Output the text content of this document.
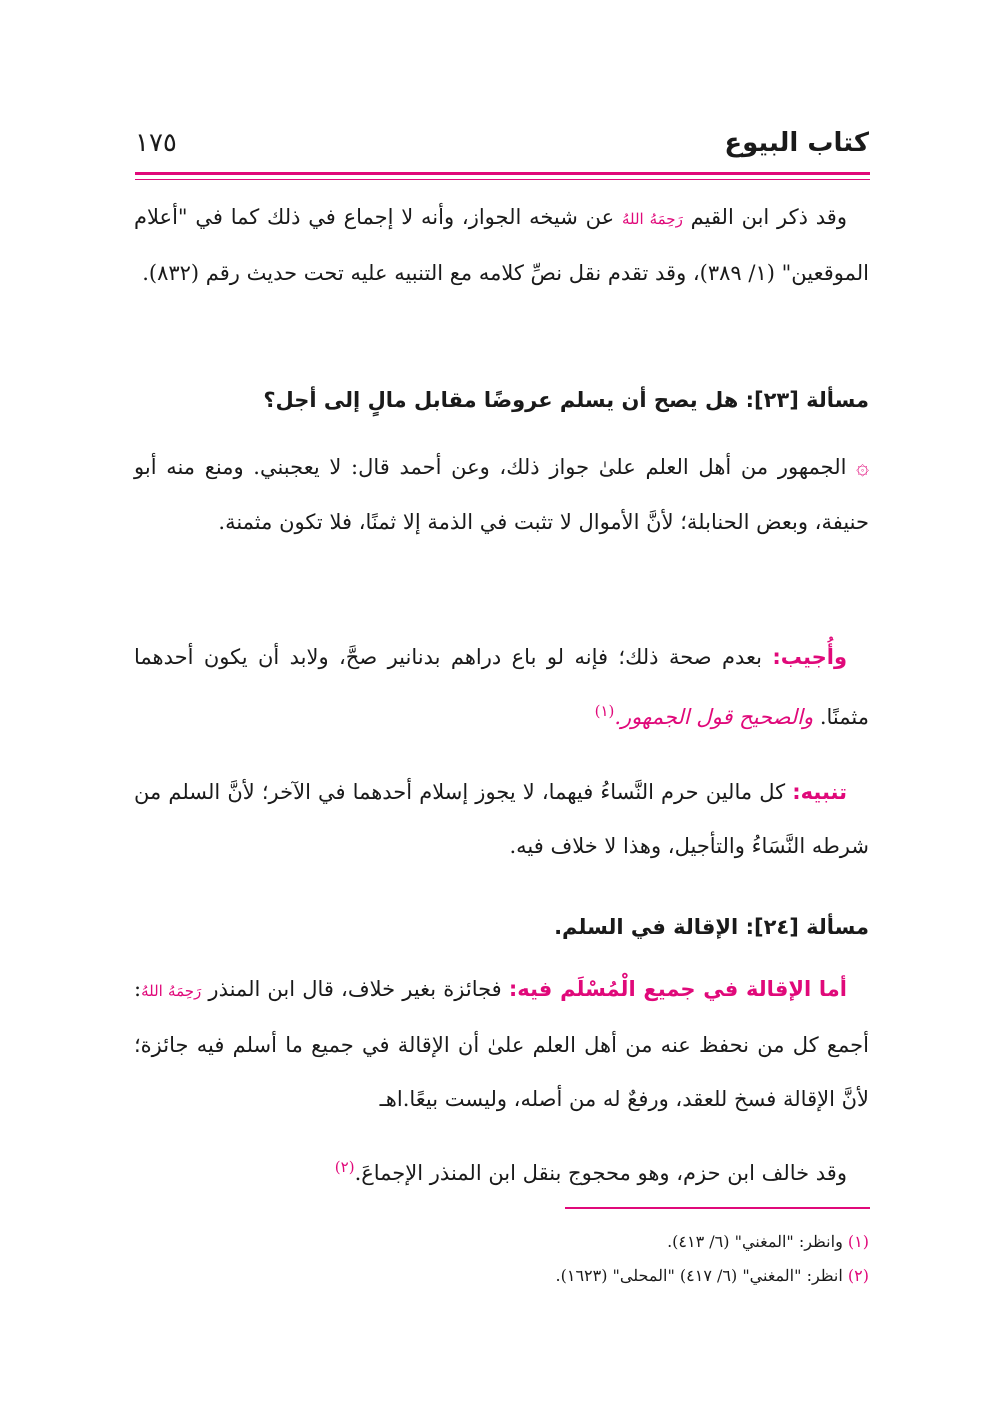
كتاب البيوع
١٧٥
وقد ذكر ابن القيم رَحِمَهُ اللهُ عن شيخه الجواز، وأنه لا إجماع في ذلك كما في "أعلام الموقعين" (١/ ٣٨٩)، وقد تقدم نقل نصِّ كلامه مع التنبيه عليه تحت حديث رقم (٨٣٢).
مسألة [٢٣]: هل يصح أن يسلم عروضًا مقابل مالٍ إلى أجل؟
۞ الجمهور من أهل العلم علىٰ جواز ذلك، وعن أحمد قال: لا يعجبني. ومنع منه أبو حنيفة، وبعض الحنابلة؛ لأنَّ الأموال لا تثبت في الذمة إلا ثمنًا، فلا تكون مثمنة.
وأُجيب: بعدم صحة ذلك؛ فإنه لو باع دراهم بدنانير صحَّ، ولابد أن يكون أحدهما مثمنًا. والصحيح قول الجمهور.$^{(١)}$
تنبيه: كل مالين حرم النَّساءُ فيهما، لا يجوز إسلام أحدهما في الآخر؛ لأنَّ السلم من شرطه النَّسَاءُ والتأجيل، وهذا لا خلاف فيه.
مسألة [٢٤]: الإقالة في السلم.
أما الإقالة في جميع الْمُسْلَم فيه: فجائزة بغير خلاف، قال ابن المنذر رَحِمَهُ اللهُ: أجمع كل من نحفظ عنه من أهل العلم علىٰ أن الإقالة في جميع ما أسلم فيه جائزة؛ لأنَّ الإقالة فسخ للعقد، ورفعٌ له من أصله، وليست بيعًا.اهـ
وقد خالف ابن حزم، وهو محجوج بنقل ابن المنذر الإجماعَ.$^{(٢)}$
(١) وانظر: "المغني" (٦/ ٤١٣).
(٢) انظر: "المغني" (٦/ ٤١٧) "المحلى" (١٦٢٣).
